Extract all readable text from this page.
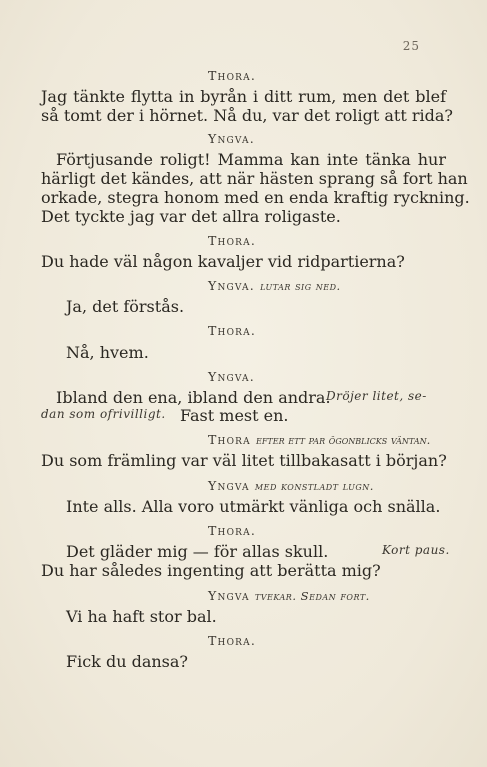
25
Thora.
Jag tänkte flytta in byrån i ditt rum, men det blef
så tomt der i hörnet. Nå du, var det roligt att rida?
Yngva.
Förtjusande roligt! Mamma kan inte tänka hur
härligt det kändes, att när hästen sprang så fort han
orkade, stegra honom med en enda kraftig ryckning.
Det tyckte jag var det allra roligaste.
Thora.
Du hade väl någon kavaljer vid ridpartierna?
Yngva. lutar sig ned.
Ja, det förstås.
Thora.
Nå, hvem.
Yngva.
Ibland den ena, ibland den andra.
Dröjer litet, se-
dan som ofrivilligt. Fast mest en.
Thora efter ett par ögonblicks väntan.
Du som främling var väl litet tillbakasatt i början?
Yngva med konstladt lugn.
Inte alls. Alla voro utmärkt vänliga och snälla.
Thora.
Det gläder mig — för allas skull.	Kort paus.
Du har således ingenting att berätta mig?
Yngva tvekar. Sedan fort.
Vi ha haft stor bal.
Thora.
Fick du dansa?
